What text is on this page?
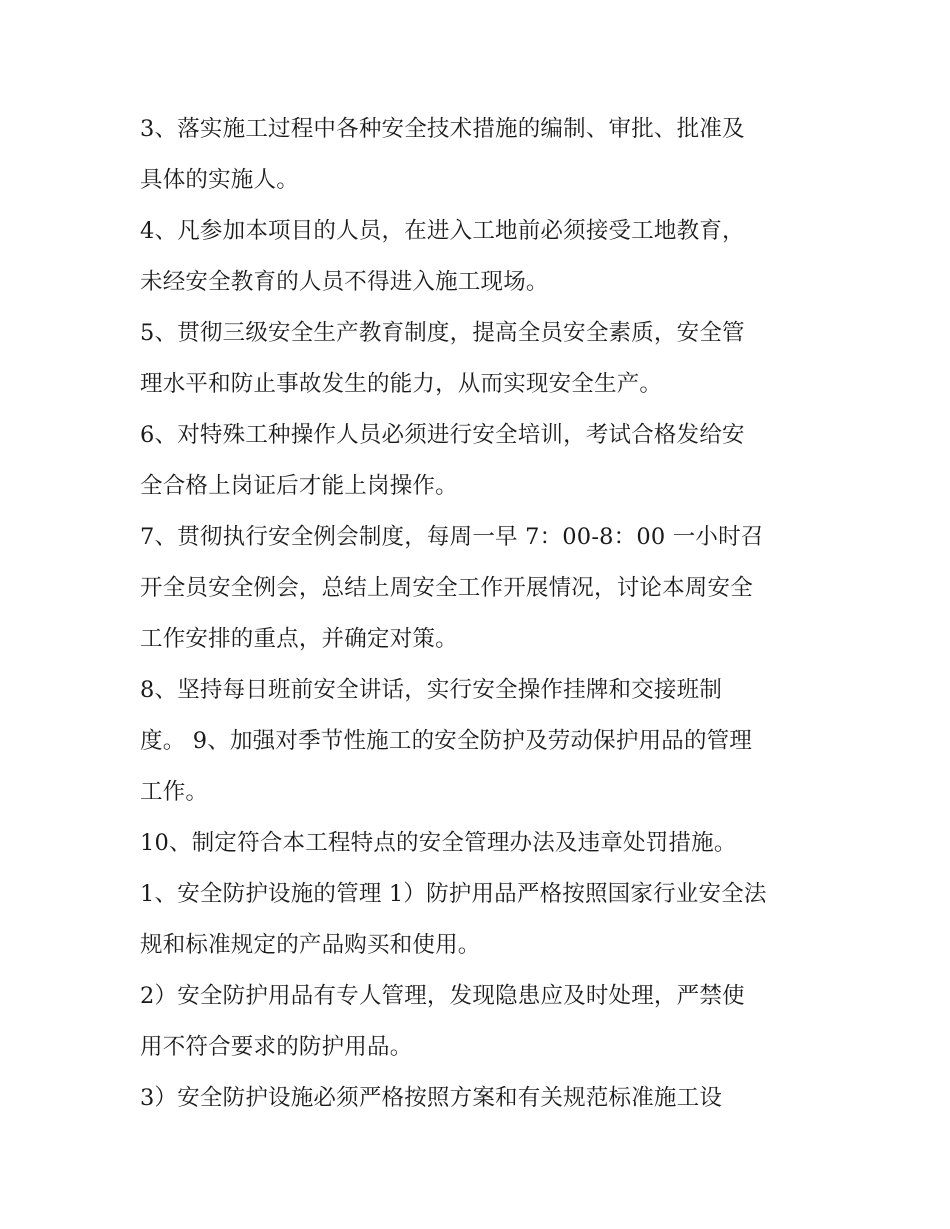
3、落实施工过程中各种安全技术措施的编制、审批、批准及
具体的实施人。
4、凡参加本项目的人员，在进入工地前必须接受工地教育，
未经安全教育的人员不得进入施工现场。
5、贯彻三级安全生产教育制度，提高全员安全素质，安全管
理水平和防止事故发生的能力，从而实现安全生产。
6、对特殊工种操作人员必须进行安全培训，考试合格发给安
全合格上岗证后才能上岗操作。
7、贯彻执行安全例会制度，每周一早 7：00-8：00 一小时召
开全员安全例会，总结上周安全工作开展情况，讨论本周安全
工作安排的重点，并确定对策。
8、坚持每日班前安全讲话，实行安全操作挂牌和交接班制
度。 9、加强对季节性施工的安全防护及劳动保护用品的管理
工作。
10、制定符合本工程特点的安全管理办法及违章处罚措施。
1、安全防护设施的管理 1）防护用品严格按照国家行业安全法
规和标准规定的产品购买和使用。
2）安全防护用品有专人管理，发现隐患应及时处理，严禁使
用不符合要求的防护用品。
3）安全防护设施必须严格按照方案和有关规范标准施工设
